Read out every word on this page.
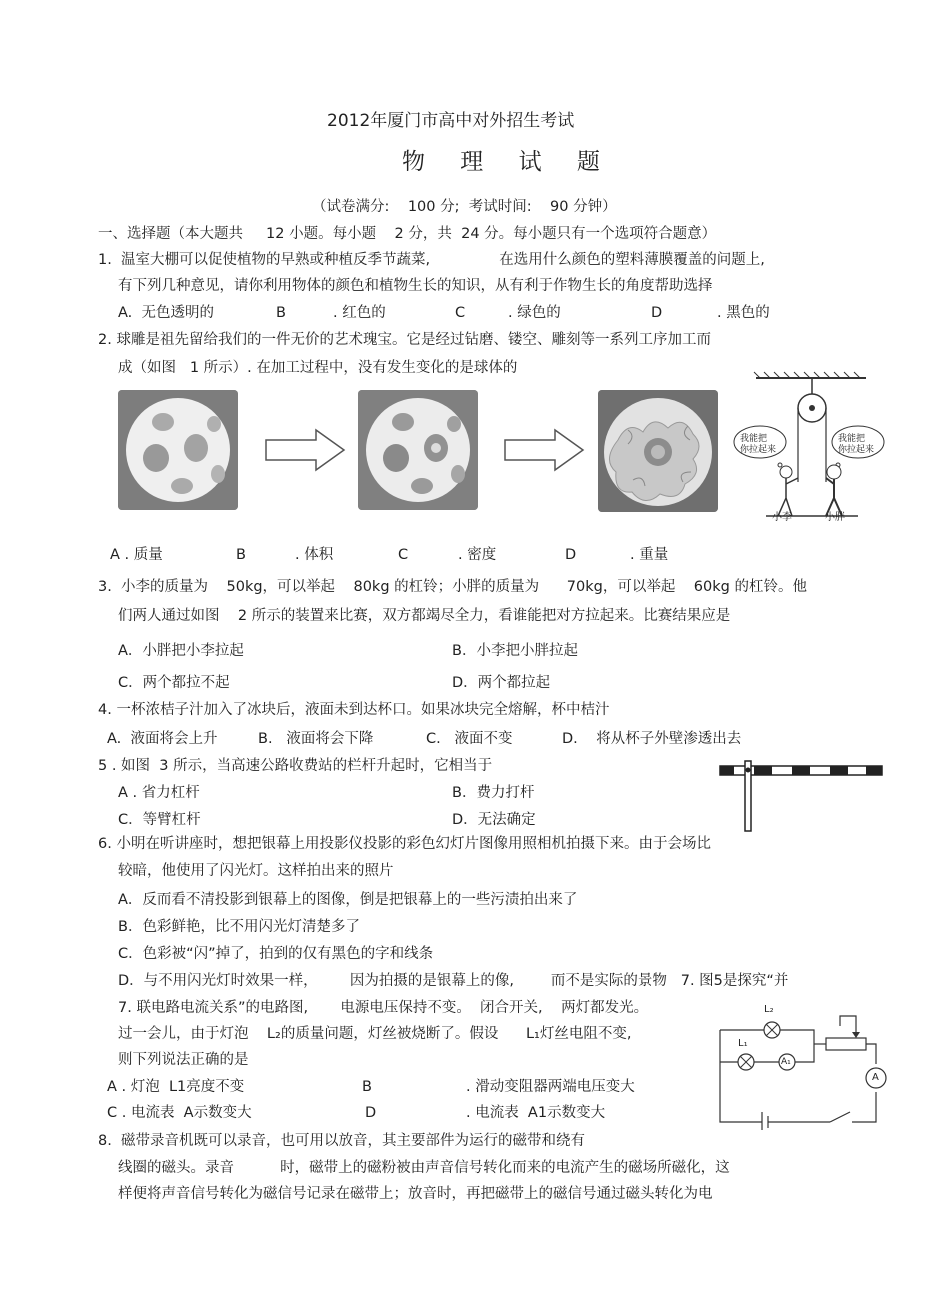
2012年厦门市高中对外招生考试
物 理 试 题
（试卷满分:    100 分;  考试时间:    90 分钟）
一、选择题（本大题共     12 小题。每小题    2 分，共  24 分。每小题只有一个选项符合题意）
1.  温室大棚可以促使植物的早熟或种植反季节蔬菜,               在选用什么颜色的塑料薄膜覆盖的问题上,
有下列几种意见，请你利用物体的颜色和植物生长的知识，从有利于作物生长的角度帮助选择
A.  无色透明的	B	. 红色的	C	. 绿色的	D	. 黑色的
2. 球雕是祖先留给我们的一件无价的艺术瑰宝。它是经过钻磨、镂空、雕刻等一系列工序加工而
成（如图   1 所示）. 在加工过程中，没有发生变化的是球体的
我能把
你拉起来
我能把
你拉起来
小李	小胖
A . 质量	B	. 体积	C	. 密度	D	. 重量
3.  小李的质量为    50kg，可以举起    80kg 的杠铃；小胖的质量为      70kg，可以举起    60kg 的杠铃。他
们两人通过如图    2 所示的装置来比赛，双方都竭尽全力，看谁能把对方拉起来。比赛结果应是
A．小胖把小李拉起	B．小李把小胖拉起
C．两个都拉不起	D．两个都拉起
4. 一杯浓桔子汁加入了冰块后，液面未到达杯口。如果冰块完全熔解，杯中桔汁
A.  液面将会上升	B.   液面将会下降	C.   液面不变	D.    将从杯子外壁渗透出去
5 . 如图  3 所示，当高速公路收费站的栏杆升起时，它相当于
A . 省力杠杆	B．费力打杆
C．等臂杠杆	D．无法确定
6. 小明在听讲座时，想把银幕上用投影仪投影的彩色幻灯片图像用照相机拍摄下来。由于会场比
较暗，他使用了闪光灯。这样拍出来的照片
A．反而看不清投影到银幕上的图像，倒是把银幕上的一些污渍拍出来了
B．色彩鲜艳，比不用闪光灯清楚多了
C．色彩被“闪”掉了，拍到的仅有黑色的字和线条
D．与不用闪光灯时效果一样，       因为拍摄的是银幕上的像,        而不是实际的景物   7. 图5是探究“并
7. 联电路电流关系”的电路图,       电源电压保持不变。  闭合开关,    两灯都发光。
过一会儿，由于灯泡    L₂的质量问题，灯丝被烧断了。假设      L₁灯丝电阻不变,
则下列说法正确的是
A . 灯泡  L1亮度不变	B	. 滑动变阻器两端电压变大
C . 电流表  A示数变大	D	. 电流表  A1示数变大
L₂
L₁
A₁
A
8.  磁带录音机既可以录音，也可用以放音，其主要部件为运行的磁带和绕有
线圈的磁头。录音          时，磁带上的磁粉被由声音信号转化而来的电流产生的磁场所磁化，这
样便将声音信号转化为磁信号记录在磁带上；放音时，再把磁带上的磁信号通过磁头转化为电
